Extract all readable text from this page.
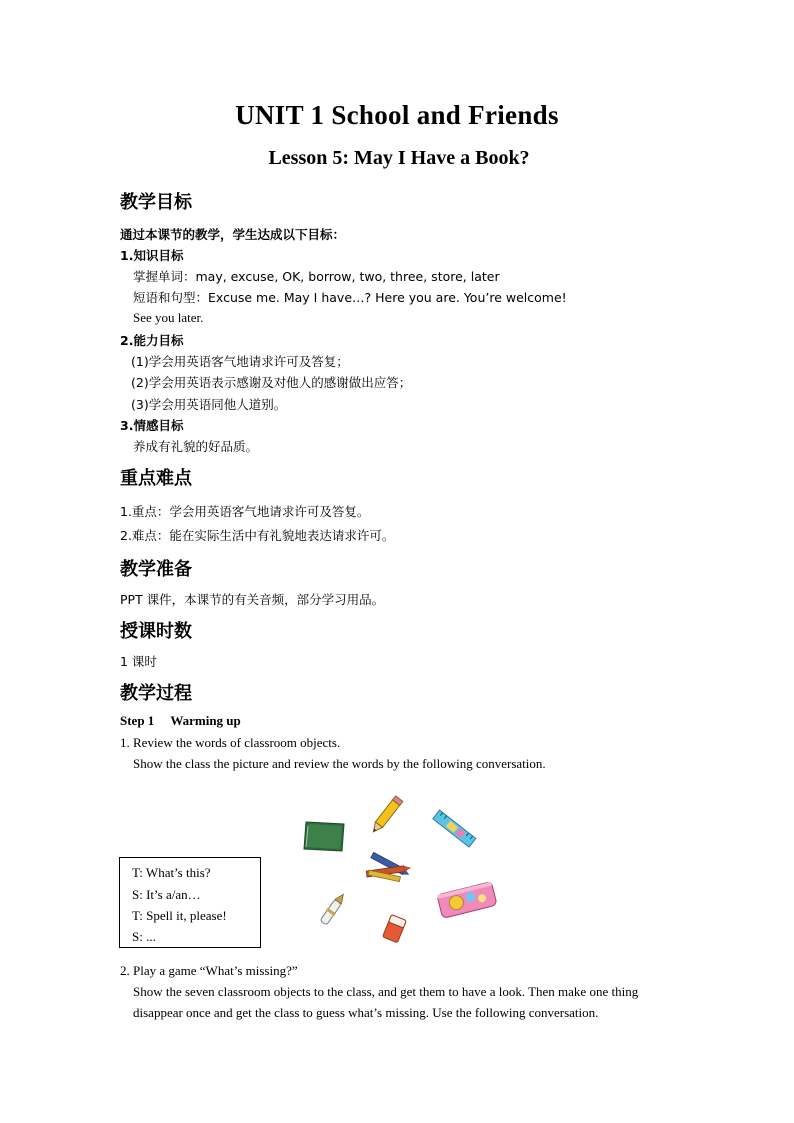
UNIT 1 School and Friends
Lesson 5: May I Have a Book?
教学目标
通过本课节的教学，学生达成以下目标：
1.知识目标
掌握单词：may, excuse, OK, borrow, two, three, store, later
短语和句型：Excuse me. May I have…? Here you are. You’re welcome!
See you later.
2.能力目标
(1)学会用英语客气地请求许可及答复；
(2)学会用英语表示感谢及对他人的感谢做出应答；
(3)学会用英语同他人道别。
3.情感目标
养成有礼貌的好品质。
重点难点
1.重点：学会用英语客气地请求许可及答复。
2.难点：能在实际生活中有礼貌地表达请求许可。
教学准备
PPT 课件，本课节的有关音频，部分学习用品。
授课时数
1 课时
教学过程
Step 1     Warming up
1. Review the words of classroom objects.
Show the class the picture and review the words by the following conversation.
T: What’s this?
S: It’s a/an…
T: Spell it, please!
S: ...
2. Play a game “What’s missing?”
Show the seven classroom objects to the class, and get them to have a look. Then make one thing
disappear once and get the class to guess what’s missing. Use the following conversation.
